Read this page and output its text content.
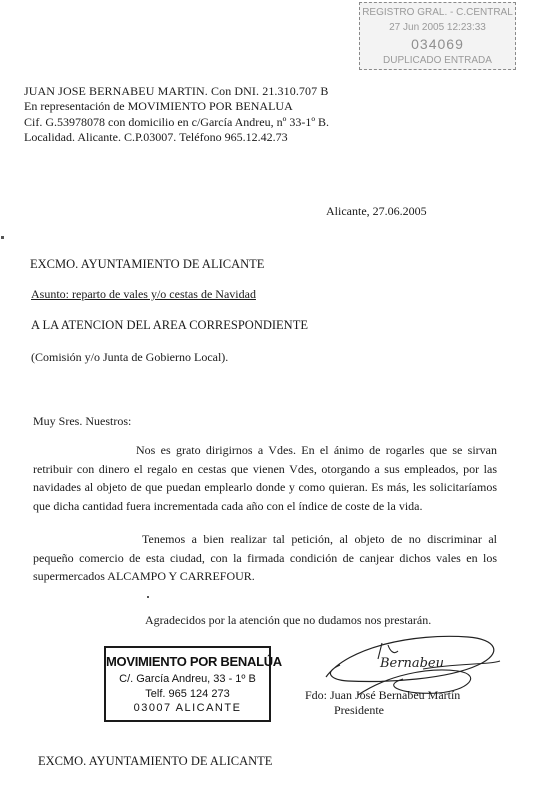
REGISTRO GRAL. - C.CENTRAL
27 Jun 2005 12:23:33
034069
DUPLICADO ENTRADA
JUAN JOSE BERNABEU MARTIN. Con DNI. 21.310.707 B
En representación de MOVIMIENTO POR BENALUA
Cif. G.53978078 con domicilio en c/García Andreu, nº 33-1º B.
Localidad. Alicante. C.P.03007. Teléfono 965.12.42.73
Alicante, 27.06.2005
EXCMO. AYUNTAMIENTO DE ALICANTE
Asunto: reparto de vales y/o cestas de Navidad
A LA ATENCION DEL AREA CORRESPONDIENTE
(Comisión y/o Junta de Gobierno Local).
Muy Sres. Nuestros:
Nos es grato dirigirnos a Vdes. En el ánimo de rogarles que se sirvan retribuir con dinero el regalo en cestas que vienen Vdes, otorgando a sus empleados, por las navidades al objeto de que puedan emplearlo donde y como quieran. Es más, les solicitaríamos que dicha cantidad fuera incrementada cada año con el índice de coste de la vida.
Tenemos a bien realizar tal petición, al objeto de no discriminar al pequeño comercio de esta ciudad, con la firmada condición de canjear dichos vales en los supermercados ALCAMPO Y CARREFOUR.
Agradecidos por la atención que no dudamos nos prestarán.
MOVIMIENTO POR BENALÚA
C/. García Andreu, 33 - 1º B
Telf. 965 124 273
03007 ALICANTE
Bernabeu
Fdo: Juan José Bernabeu Martín
Presidente
EXCMO. AYUNTAMIENTO DE ALICANTE
